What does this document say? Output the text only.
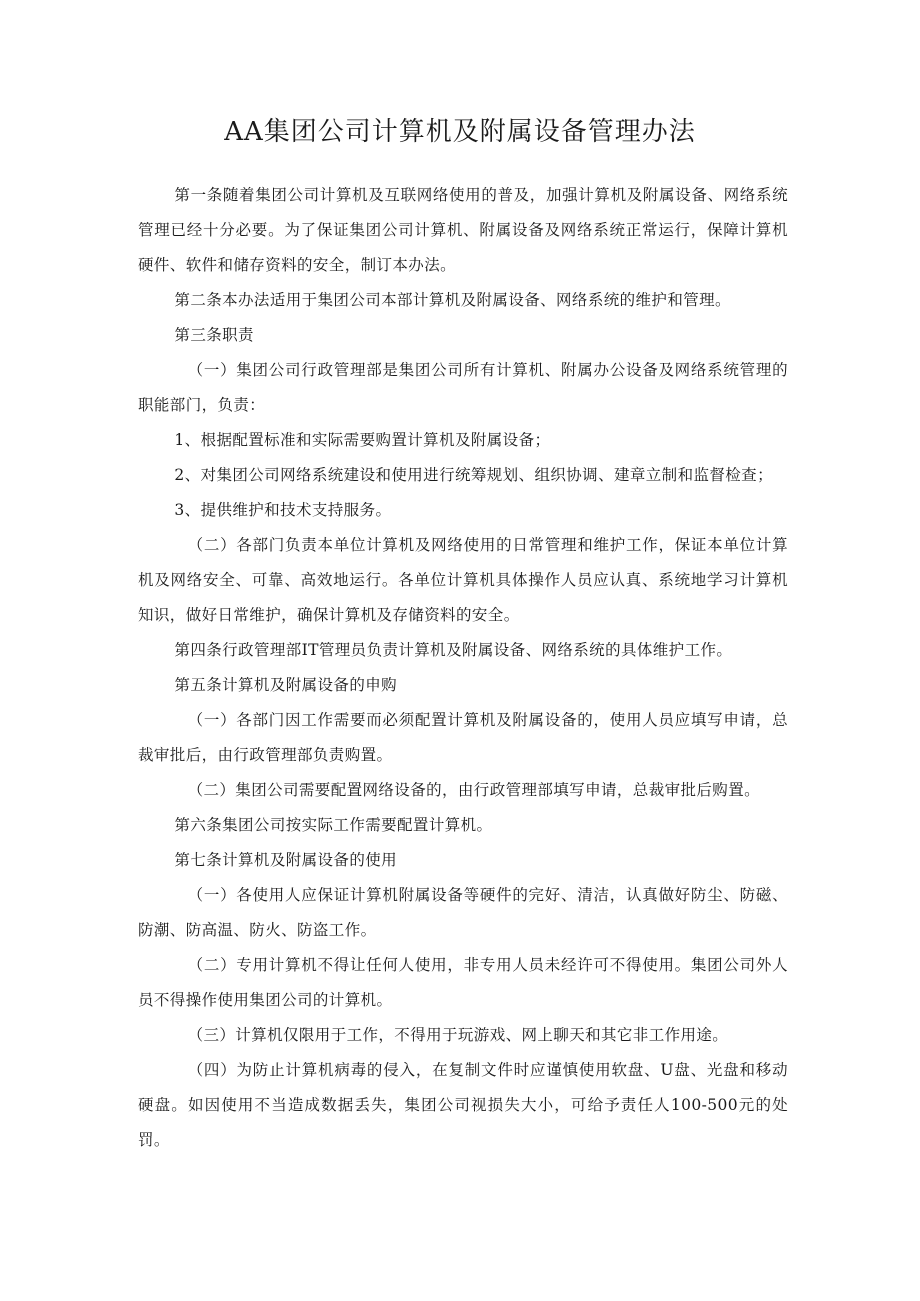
AA集团公司计算机及附属设备管理办法

第一条随着集团公司计算机及互联网络使用的普及，加强计算机及附属设备、网络系统管理已经十分必要。为了保证集团公司计算机、附属设备及网络系统正常运行，保障计算机硬件、软件和储存资料的安全，制订本办法。

第二条本办法适用于集团公司本部计算机及附属设备、网络系统的维护和管理。

第三条职责

（一）集团公司行政管理部是集团公司所有计算机、附属办公设备及网络系统管理的职能部门，负责：

1、根据配置标准和实际需要购置计算机及附属设备；

2、对集团公司网络系统建设和使用进行统筹规划、组织协调、建章立制和监督检查；

3、提供维护和技术支持服务。

（二）各部门负责本单位计算机及网络使用的日常管理和维护工作，保证本单位计算机及网络安全、可靠、高效地运行。各单位计算机具体操作人员应认真、系统地学习计算机知识，做好日常维护，确保计算机及存储资料的安全。

第四条行政管理部IT管理员负责计算机及附属设备、网络系统的具体维护工作。

第五条计算机及附属设备的申购

（一）各部门因工作需要而必须配置计算机及附属设备的，使用人员应填写申请，总裁审批后，由行政管理部负责购置。

（二）集团公司需要配置网络设备的，由行政管理部填写申请，总裁审批后购置。

第六条集团公司按实际工作需要配置计算机。

第七条计算机及附属设备的使用

（一）各使用人应保证计算机附属设备等硬件的完好、清洁，认真做好防尘、防磁、防潮、防高温、防火、防盗工作。

（二）专用计算机不得让任何人使用，非专用人员未经许可不得使用。集团公司外人员不得操作使用集团公司的计算机。

（三）计算机仅限用于工作，不得用于玩游戏、网上聊天和其它非工作用途。

（四）为防止计算机病毒的侵入，在复制文件时应谨慎使用软盘、U盘、光盘和移动硬盘。如因使用不当造成数据丢失，集团公司视损失大小，可给予责任人100-500元的处罚。
